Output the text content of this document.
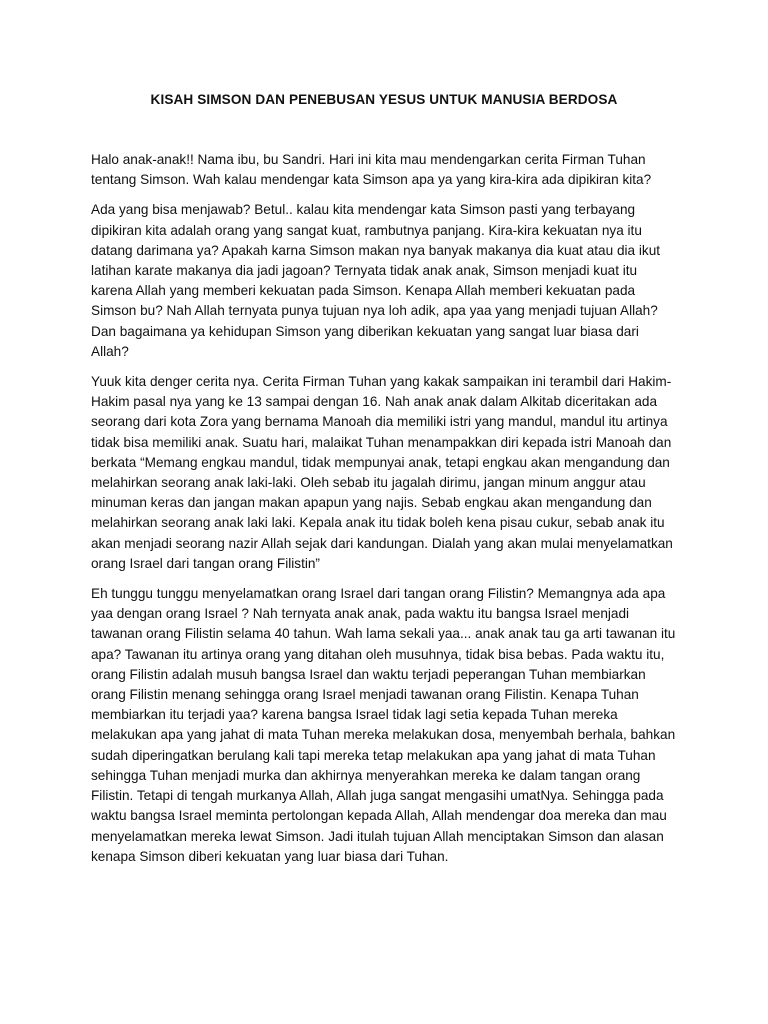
KISAH SIMSON DAN PENEBUSAN YESUS UNTUK MANUSIA BERDOSA

Halo anak-anak!! Nama ibu, bu Sandri. Hari ini kita mau mendengarkan cerita Firman Tuhan tentang Simson. Wah kalau mendengar kata Simson apa ya yang kira-kira ada dipikiran kita?

Ada yang bisa menjawab? Betul.. kalau kita mendengar kata Simson pasti yang terbayang dipikiran kita adalah orang yang sangat kuat, rambutnya panjang. Kira-kira kekuatan nya itu datang darimana ya? Apakah karna Simson makan nya banyak makanya dia kuat atau dia ikut latihan karate makanya dia jadi jagoan? Ternyata tidak anak anak, Simson menjadi kuat itu karena Allah yang memberi kekuatan pada Simson. Kenapa Allah memberi kekuatan pada Simson bu? Nah Allah ternyata punya tujuan nya loh adik, apa yaa yang menjadi tujuan Allah? Dan bagaimana ya kehidupan Simson yang diberikan kekuatan yang sangat luar biasa dari Allah?

Yuuk kita denger cerita nya. Cerita Firman Tuhan yang kakak sampaikan ini terambil dari Hakim-Hakim pasal nya yang ke 13 sampai dengan 16. Nah anak anak dalam Alkitab diceritakan ada seorang dari kota Zora yang bernama Manoah dia memiliki istri yang mandul, mandul itu artinya tidak bisa memiliki anak. Suatu hari, malaikat Tuhan menampakkan diri kepada istri Manoah dan berkata “Memang engkau mandul, tidak mempunyai anak, tetapi engkau akan mengandung dan melahirkan seorang anak laki-laki. Oleh sebab itu jagalah dirimu, jangan minum anggur atau minuman keras dan jangan makan apapun yang najis. Sebab engkau akan mengandung dan melahirkan seorang anak laki laki. Kepala anak itu tidak boleh kena pisau cukur, sebab anak itu akan menjadi seorang nazir Allah sejak dari kandungan. Dialah yang akan mulai menyelamatkan orang Israel dari tangan orang Filistin”

Eh tunggu tunggu menyelamatkan orang Israel dari tangan orang Filistin? Memangnya ada apa yaa dengan orang Israel ? Nah ternyata anak anak, pada waktu itu bangsa Israel menjadi tawanan orang Filistin selama 40 tahun. Wah lama sekali yaa... anak anak tau ga arti tawanan itu apa? Tawanan itu artinya orang yang ditahan oleh musuhnya, tidak bisa bebas. Pada waktu itu, orang Filistin adalah musuh bangsa Israel dan waktu terjadi peperangan Tuhan membiarkan orang Filistin menang sehingga orang Israel menjadi tawanan orang Filistin. Kenapa Tuhan membiarkan itu terjadi yaa? karena bangsa Israel tidak lagi setia kepada Tuhan mereka melakukan apa yang jahat di mata Tuhan mereka melakukan dosa, menyembah berhala, bahkan sudah diperingatkan berulang kali tapi mereka tetap melakukan apa yang jahat di mata Tuhan sehingga Tuhan menjadi murka dan akhirnya menyerahkan mereka ke dalam tangan orang Filistin. Tetapi di tengah murkanya Allah, Allah juga sangat mengasihi umatNya. Sehingga pada waktu bangsa Israel meminta pertolongan kepada Allah, Allah mendengar doa mereka dan mau menyelamatkan mereka lewat Simson. Jadi itulah tujuan Allah menciptakan Simson dan alasan kenapa Simson diberi kekuatan yang luar biasa dari Tuhan.
